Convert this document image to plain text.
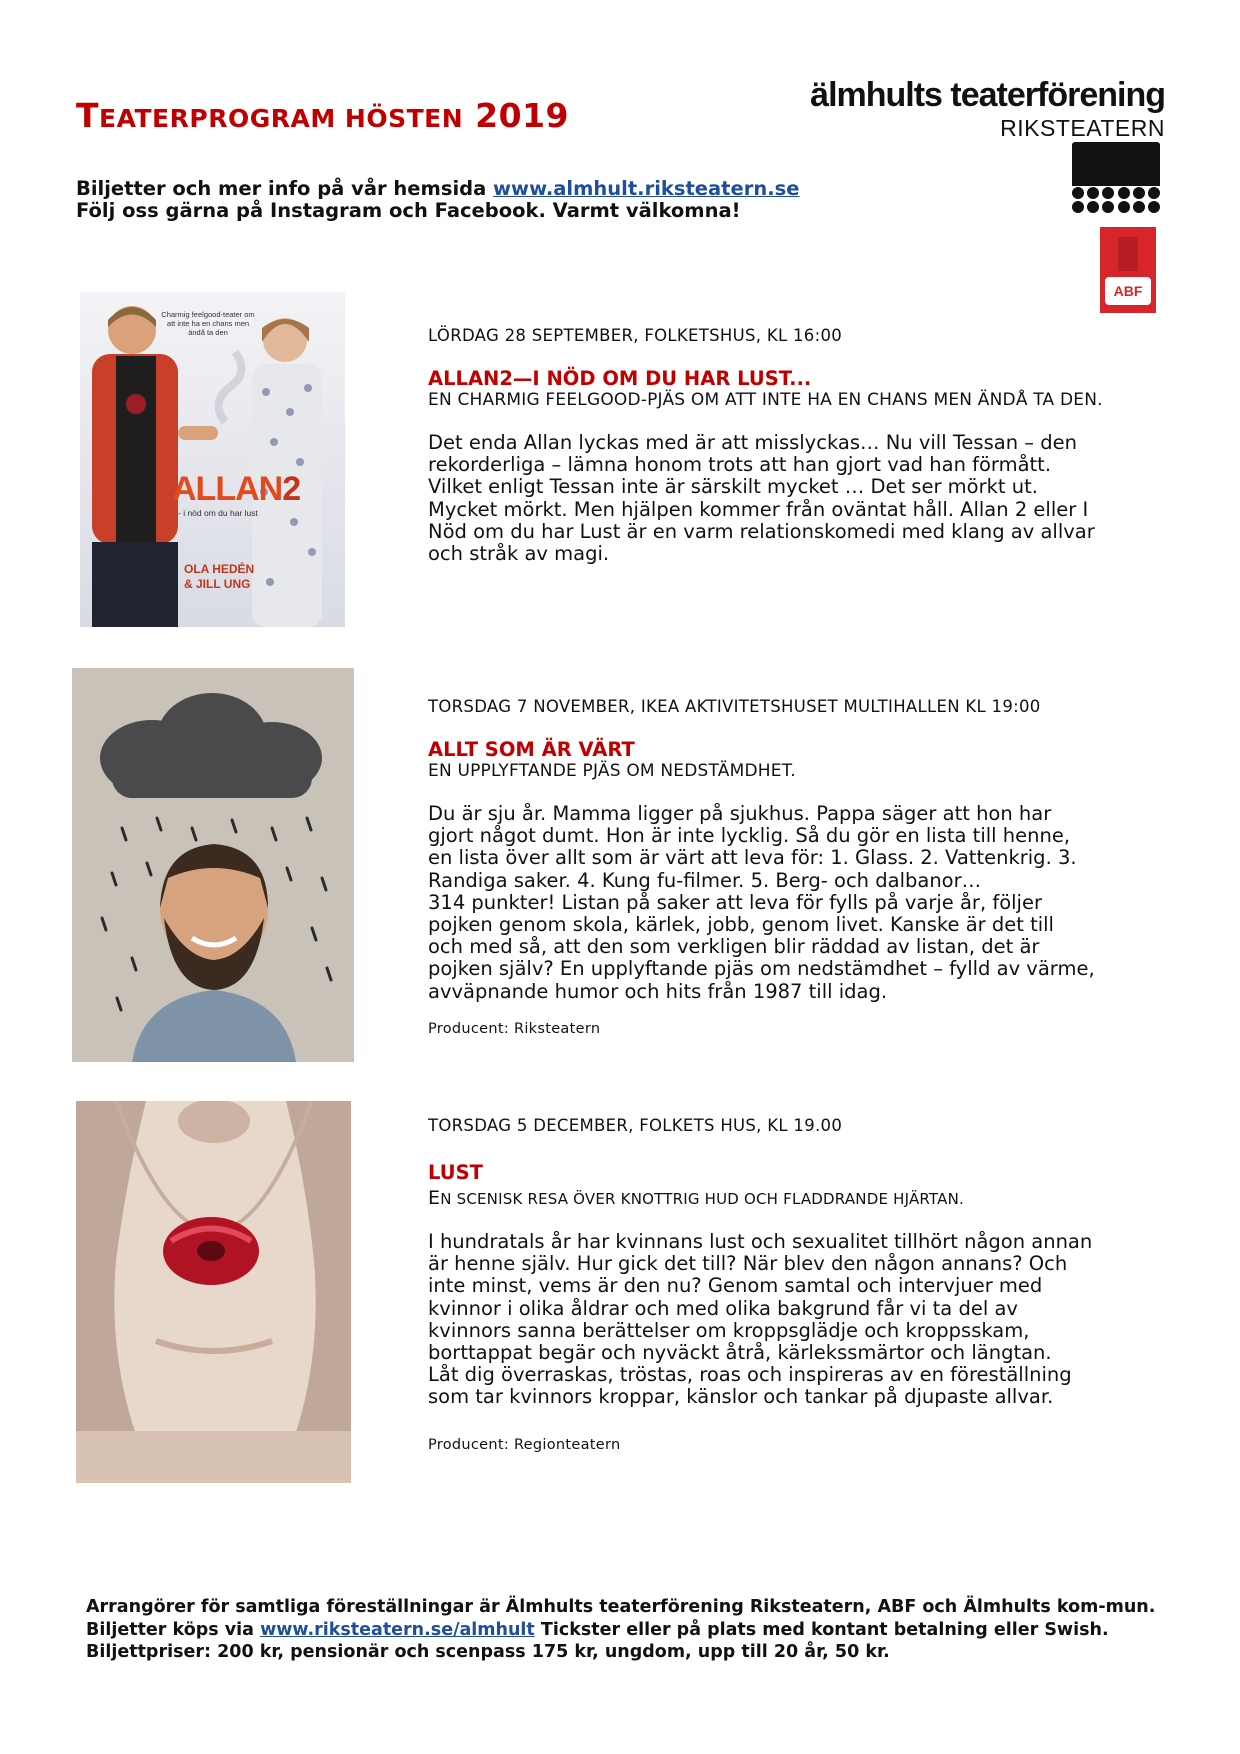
TEATERPROGRAM HÖSTEN 2019
älmhults teaterförening
RIKSTEATERN
ABF
Biljetter och mer info på vår hemsida www.almhult.riksteatern.se
Följ oss gärna på Instagram och Facebook. Varmt välkomna!
Charmig feelgood-teater om att inte ha en chans men ändå ta den
ALLAN2
- i nöd om du har lust
OLA HEDÉN
& JILL UNG
LÖRDAG 28 SEPTEMBER, FOLKETSHUS, KL 16:00
ALLAN2—I NÖD OM DU HAR LUST...
EN CHARMIG FEELGOOD-PJÄS OM ATT INTE HA EN CHANS MEN ÄNDÅ TA DEN.
Det enda Allan lyckas med är att misslyckas… Nu vill Tessan – den
rekorderliga – lämna honom trots att han gjort vad han förmått.
Vilket enligt Tessan inte är särskilt mycket … Det ser mörkt ut.
Mycket mörkt. Men hjälpen kommer från oväntat håll. Allan 2 eller I
Nöd om du har Lust är en varm relationskomedi med klang av allvar
och stråk av magi.
TORSDAG 7 NOVEMBER, IKEA AKTIVITETSHUSET MULTIHALLEN KL 19:00
ALLT SOM ÄR VÄRT
EN UPPLYFTANDE PJÄS OM NEDSTÄMDHET.
Du är sju år. Mamma ligger på sjukhus. Pappa säger att hon har
gjort något dumt. Hon är inte lycklig. Så du gör en lista till henne,
en lista över allt som är värt att leva för: 1. Glass. 2. Vattenkrig. 3.
Randiga saker. 4. Kung fu-filmer. 5. Berg- och dalbanor…
314 punkter! Listan på saker att leva för fylls på varje år, följer
pojken genom skola, kärlek, jobb, genom livet. Kanske är det till
och med så, att den som verkligen blir räddad av listan, det är
pojken själv? En upplyftande pjäs om nedstämdhet – fylld av värme,
avväpnande humor och hits från 1987 till idag.
Producent: Riksteatern
TORSDAG 5 DECEMBER, FOLKETS HUS, KL 19.00
LUST
EN SCENISK RESA ÖVER KNOTTRIG HUD OCH FLADDRANDE HJÄRTAN.
I hundratals år har kvinnans lust och sexualitet tillhört någon annan
är henne själv. Hur gick det till? När blev den någon annans? Och
inte minst, vems är den nu? Genom samtal och intervjuer med
kvinnor i olika åldrar och med olika bakgrund får vi ta del av
kvinnors sanna berättelser om kroppsglädje och kroppsskam,
borttappat begär och nyväckt åtrå, kärlekssmärtor och längtan.
Låt dig överraskas, tröstas, roas och inspireras av en föreställning
som tar kvinnors kroppar, känslor och tankar på djupaste allvar.
Producent: Regionteatern
Arrangörer för samtliga föreställningar är Älmhults teaterförening Riksteatern, ABF och Älmhults kom-mun. Biljetter köps via www.riksteatern.se/almhult Tickster eller på plats med kontant betalning eller Swish. Biljettpriser: 200 kr, pensionär och scenpass 175 kr, ungdom, upp till 20 år, 50 kr.
